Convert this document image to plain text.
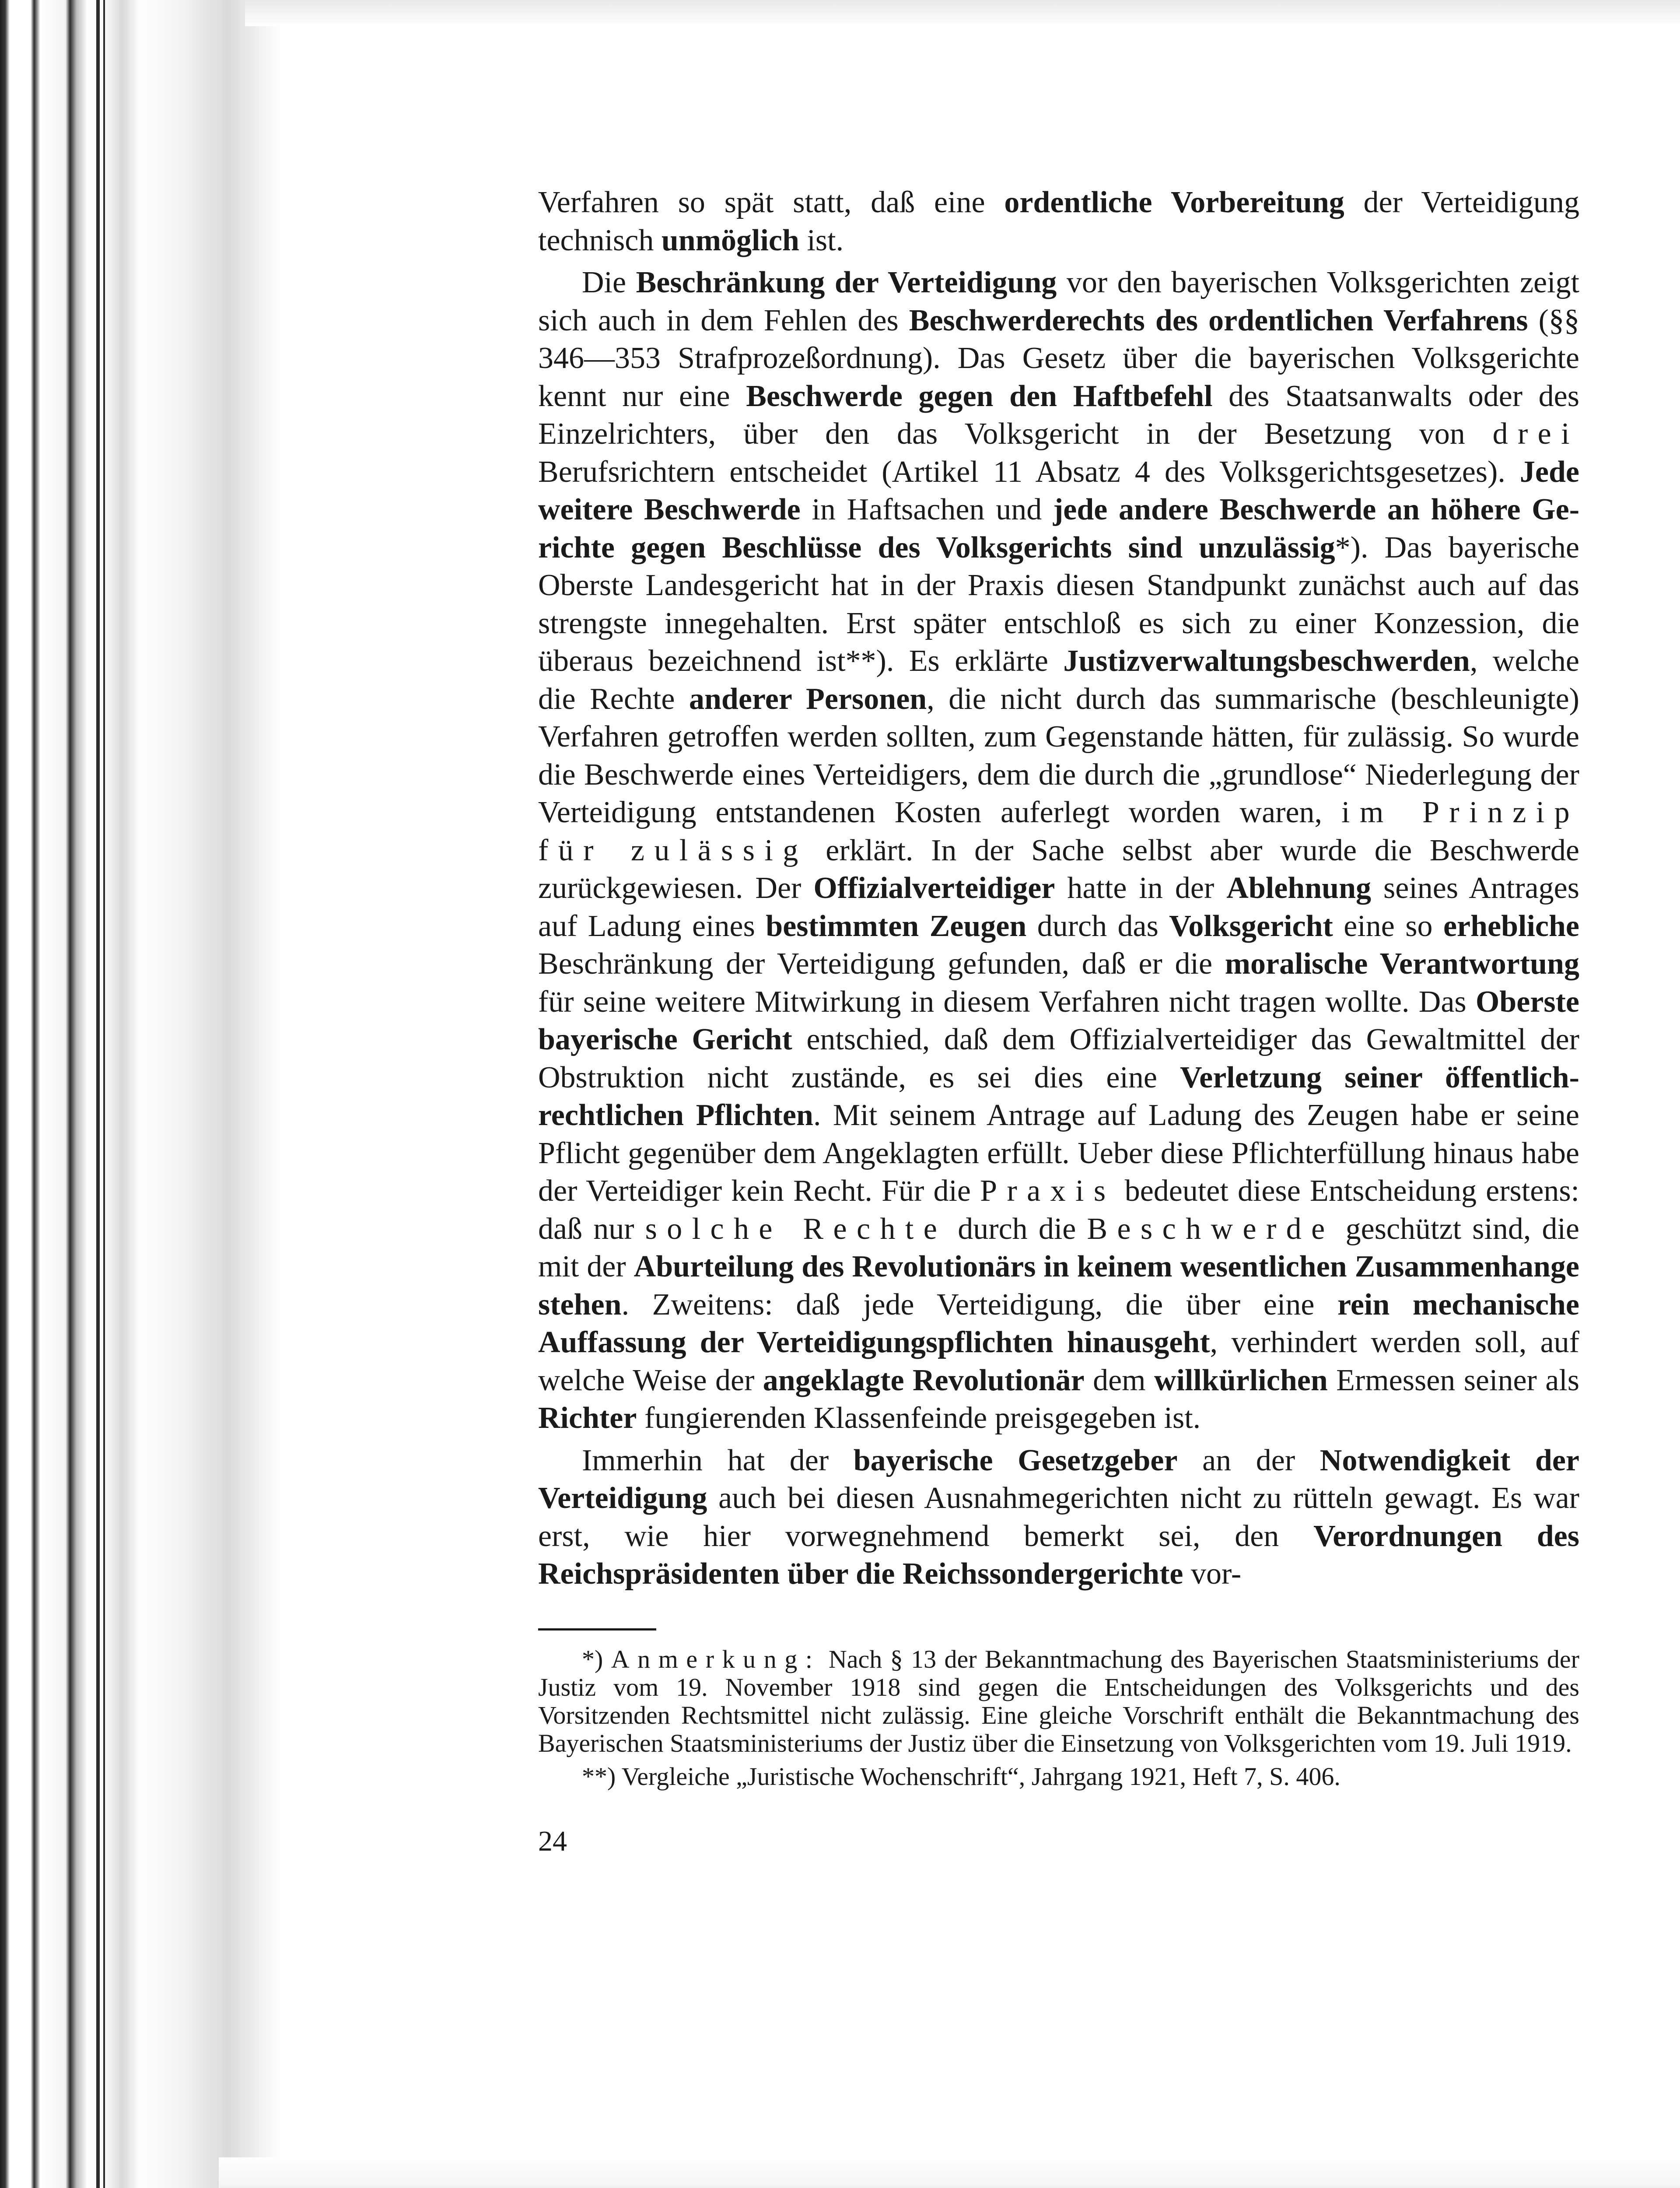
Verfahren so spät statt, daß eine ordentliche Vorbereitung der Verteidigung technisch unmöglich ist.

Die Beschränkung der Verteidigung vor den bayerischen Volksgerichten zeigt sich auch in dem Fehlen des Beschwerderechts des ordentlichen Verfahrens (§§ 346—353 Strafprozeßordnung). Das Gesetz über die bayerischen Volksgerichte kennt nur eine Beschwerde gegen den Haftbefehl des Staatsanwalts oder des Einzelrichters, über den das Volksgericht in der Besetzung von drei Berufsrichtern entscheidet (Artikel 11 Absatz 4 des Volksgerichtsgesetzes). Jede weitere Beschwerde in Haftsachen und jede andere Beschwerde an höhere Gerichte gegen Beschlüsse des Volksgerichts sind unzulässig*). Das bayerische Oberste Landesgericht hat in der Praxis diesen Standpunkt zunächst auch auf das strengste innegehalten. Erst später entschloß es sich zu einer Konzession, die überaus bezeichnend ist**). Es erklärte Justizverwaltungsbeschwerden, welche die Rechte anderer Personen, die nicht durch das summarische (beschleunigte) Verfahren getroffen werden sollten, zum Gegenstande hätten, für zulässig. So wurde die Beschwerde eines Verteidigers, dem die durch die „grundlose“ Niederlegung der Verteidigung entstandenen Kosten auferlegt worden waren, im Prinzip für zulässig erklärt. In der Sache selbst aber wurde die Beschwerde zurückgewiesen. Der Offizialverteidiger hatte in der Ablehnung seines Antrages auf Ladung eines bestimmten Zeugen durch das Volksgericht eine so erhebliche Beschränkung der Verteidigung gefunden, daß er die moralische Verantwortung für seine weitere Mitwirkung in diesem Verfahren nicht tragen wollte. Das Oberste bayerische Gericht entschied, daß dem Offizialverteidiger das Gewaltmittel der Obstruktion nicht zustände, es sei dies eine Verletzung seiner öffentlich-rechtlichen Pflichten. Mit seinem Antrage auf Ladung des Zeugen habe er seine Pflicht gegenüber dem Angeklagten erfüllt. Ueber diese Pflichterfüllung hinaus habe der Verteidiger kein Recht. Für die Praxis bedeutet diese Entscheidung erstens: daß nur solche Rechte durch die Beschwerde geschützt sind, die mit der Aburteilung des Revolutionärs in keinem wesentlichen Zusammenhange stehen. Zweitens: daß jede Verteidigung, die über eine rein mechanische Auffassung der Verteidigungspflichten hinausgeht, verhindert werden soll, auf welche Weise der angeklagte Revolutionär dem willkürlichen Ermessen seiner als Richter fungierenden Klassenfeinde preisgegeben ist.

Immerhin hat der bayerische Gesetzgeber an der Notwendigkeit der Verteidigung auch bei diesen Ausnahmegerichten nicht zu rütteln gewagt. Es war erst, wie hier vorwegnehmend bemerkt sei, den Verordnungen des Reichspräsidenten über die Reichssondergerichte vor-

*) Anmerkung: Nach § 13 der Bekanntmachung des Bayerischen Staatsministeriums der Justiz vom 19. November 1918 sind gegen die Entscheidungen des Volksgerichts und des Vorsitzenden Rechtsmittel nicht zulässig. Eine gleiche Vorschrift enthält die Bekanntmachung des Bayerischen Staatsministeriums der Justiz über die Einsetzung von Volksgerichten vom 19. Juli 1919.

**) Vergleiche „Juristische Wochenschrift“, Jahrgang 1921, Heft 7, S. 406.

24
